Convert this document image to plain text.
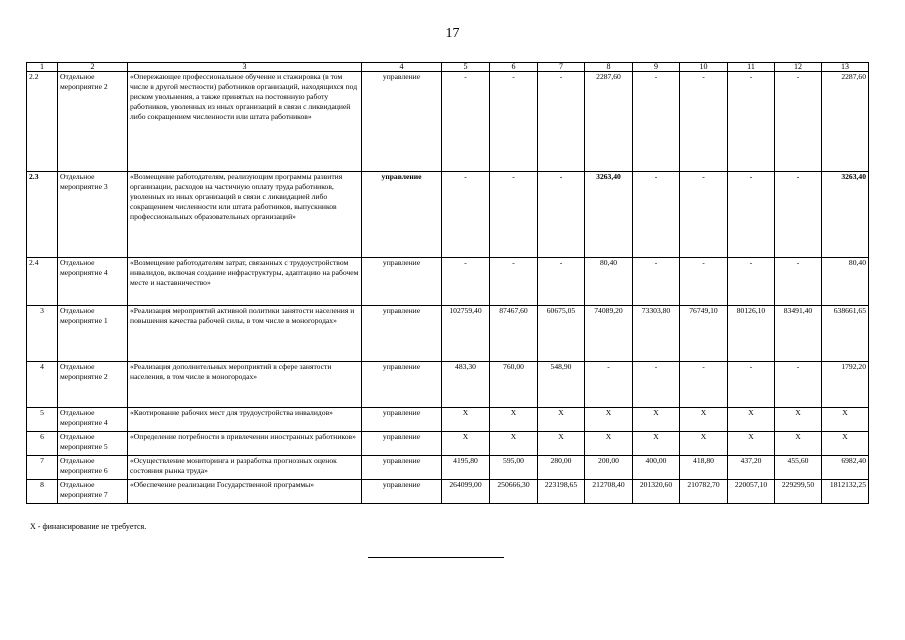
17
1	2	3	4	5	6	7	8	9	10	11	12	13
2.2	Отдельное мероприятие 2	«Опережающее профессиональное обучение и стажировка (в том числе в другой местности) работников организаций, находящихся под риском увольнения, а также принятых на постоянную работу работников, уволенных из иных организаций в связи с ликвидацией либо сокращением численности или штата работников»	управление	-	-	-	2287,60	-	-	-	-	2287,60
2.3	Отдельное мероприятие 3	«Возмещение работодателям, реализующим программы развития организации, расходов на частичную оплату труда работников, уволенных из иных организаций в связи с ликвидацией либо сокращением численности или штата работников, выпускников профессиональных образовательных организаций»	управление	-	-	-	3263,40	-	-	-	-	3263,40
2.4	Отдельное мероприятие 4	«Возмещение работодателям затрат, связанных с трудоустройством инвалидов, включая создание инфраструктуры, адаптацию на рабочем месте и наставничество»	управление	-	-	-	80,40	-	-	-	-	80,40
3	Отдельное мероприятие 1	«Реализация мероприятий активной политики занятости населения и повышения качества рабочей силы, в том числе в моногородах»	управление	102759,40	87467,60	60675,05	74089,20	73303,80	76749,10	80126,10	83491,40	638661,65
4	Отдельное мероприятие 2	«Реализация дополнительных мероприятий в сфере занятости населения, в том числе в моногородах»	управление	483,30	760,00	548,90	-	-	-	-	-	1792,20
5	Отдельное мероприятие 4	«Квотирование рабочих мест для трудоустройства инвалидов»	управление	Х	Х	Х	Х	Х	Х	Х	Х	Х
6	Отдельное мероприятие 5	«Определение потребности в привлечении иностранных работников»	управление	Х	Х	Х	Х	Х	Х	Х	Х	Х
7	Отдельное мероприятие 6	«Осуществление мониторинга и разработка прогнозных оценок состояния рынка труда»	управление	4195,80	595,00	280,00	200,00	400,00	418,80	437,20	455,60	6982,40
8	Отдельное мероприятие 7	«Обеспечение реализации Государственной программы»	управление	264099,00	250666,30	223198,65	212708,40	201320,60	210782,70	220057,10	229299,50	1812132,25
Х - финансирование не требуется.
